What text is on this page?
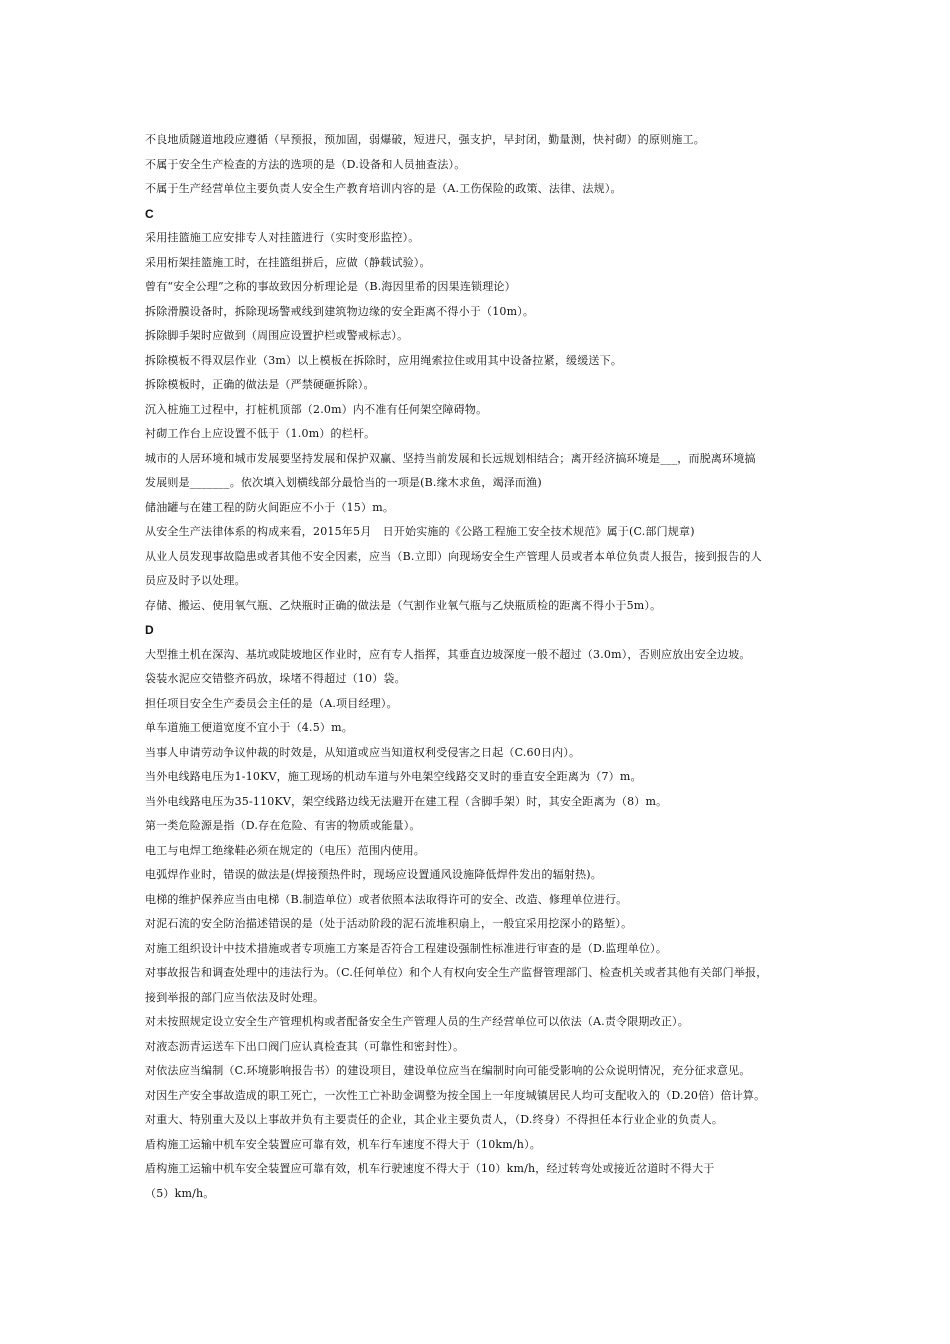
不良地质隧道地段应遵循（早预报，预加固，弱爆破，短进尺，强支护，早封闭，勤量测，快衬砌）的原则施工。
不属于安全生产检查的方法的选项的是（D.设备和人员抽查法）。
不属于生产经营单位主要负责人安全生产教育培训内容的是（A.工伤保险的政策、法律、法规）。
C
采用挂篮施工应安排专人对挂篮进行（实时变形监控）。
采用桁架挂篮施工时，在挂篮组拼后，应做（静载试验）。
曾有“安全公理”之称的事故致因分析理论是（B.海因里希的因果连锁理论）
拆除滑膜设备时，拆除现场警戒线到建筑物边缘的安全距离不得小于（10m）。
拆除脚手架时应做到（周围应设置护栏或警戒标志）。
拆除模板不得双层作业（3m）以上模板在拆除时，应用绳索拉住或用其中设备拉紧，缓缓送下。
拆除模板时，正确的做法是（严禁硬砸拆除）。
沉入桩施工过程中，打桩机顶部（2.0m）内不准有任何架空障碍物。
衬砌工作台上应设置不低于（1.0m）的栏杆。
城市的人居环境和城市发展要坚持发展和保护双赢、坚持当前发展和长远规划相结合；离开经济搞环境是___，而脱离环境搞
发展则是_______。依次填入划横线部分最恰当的一项是(B.缘木求鱼，竭泽而渔)
储油罐与在建工程的防火间距应不小于（15）m。
从安全生产法律体系的构成来看，2015年5月　日开始实施的《公路工程施工安全技术规范》属于(C.部门规章)
从业人员发现事故隐患或者其他不安全因素，应当（B.立即）向现场安全生产管理人员或者本单位负责人报告，接到报告的人
员应及时予以处理。
存储、搬运、使用氧气瓶、乙炔瓶时正确的做法是（气割作业氧气瓶与乙炔瓶质检的距离不得小于5m）。
D
大型推土机在深沟、基坑或陡坡地区作业时，应有专人指挥，其垂直边坡深度一般不超过（3.0m），否则应放出安全边坡。
袋装水泥应交错整齐码放，垛堵不得超过（10）袋。
担任项目安全生产委员会主任的是（A.项目经理）。
单车道施工便道宽度不宜小于（4.5）m。
当事人申请劳动争议仲裁的时效是，从知道或应当知道权利受侵害之日起（C.60日内）。
当外电线路电压为1-10KV，施工现场的机动车道与外电架空线路交叉时的垂直安全距离为（7）m。
当外电线路电压为35-110KV，架空线路边线无法避开在建工程（含脚手架）时，其安全距离为（8）m。
第一类危险源是指（D.存在危险、有害的物质或能量）。
电工与电焊工绝缘鞋必须在规定的（电压）范围内使用。
电弧焊作业时，错误的做法是(焊接预热件时，现场应设置通风设施降低焊件发出的辐射热)。
电梯的维护保养应当由电梯（B.制造单位）或者依照本法取得许可的安全、改造、修理单位进行。
对泥石流的安全防治描述错误的是（处于活动阶段的泥石流堆积扇上，一般宜采用挖深小的路堑）。
对施工组织设计中技术措施或者专项施工方案是否符合工程建设强制性标准进行审查的是（D.监理单位）。
对事故报告和调查处理中的违法行为。（C.任何单位）和个人有权向安全生产监督管理部门、检查机关或者其他有关部门举报，
接到举报的部门应当依法及时处理。
对未按照规定设立安全生产管理机构或者配备安全生产管理人员的生产经营单位可以依法（A.责令限期改正）。
对液态沥青运送车下出口阀门应认真检查其（可靠性和密封性）。
对依法应当编制（C.环境影响报告书）的建设项目，建设单位应当在编制时向可能受影响的公众说明情况，充分征求意见。
对因生产安全事故造成的职工死亡，一次性工亡补助金调整为按全国上一年度城镇居民人均可支配收入的（D.20倍）倍计算。
对重大、特别重大及以上事故并负有主要责任的企业，其企业主要负责人，（D.终身）不得担任本行业企业的负责人。
盾构施工运输中机车安全装置应可靠有效，机车行车速度不得大于（10km/h）。
盾构施工运输中机车安全装置应可靠有效，机车行驶速度不得大于（10）km/h，经过转弯处或接近岔道时不得大于
（5）km/h。
